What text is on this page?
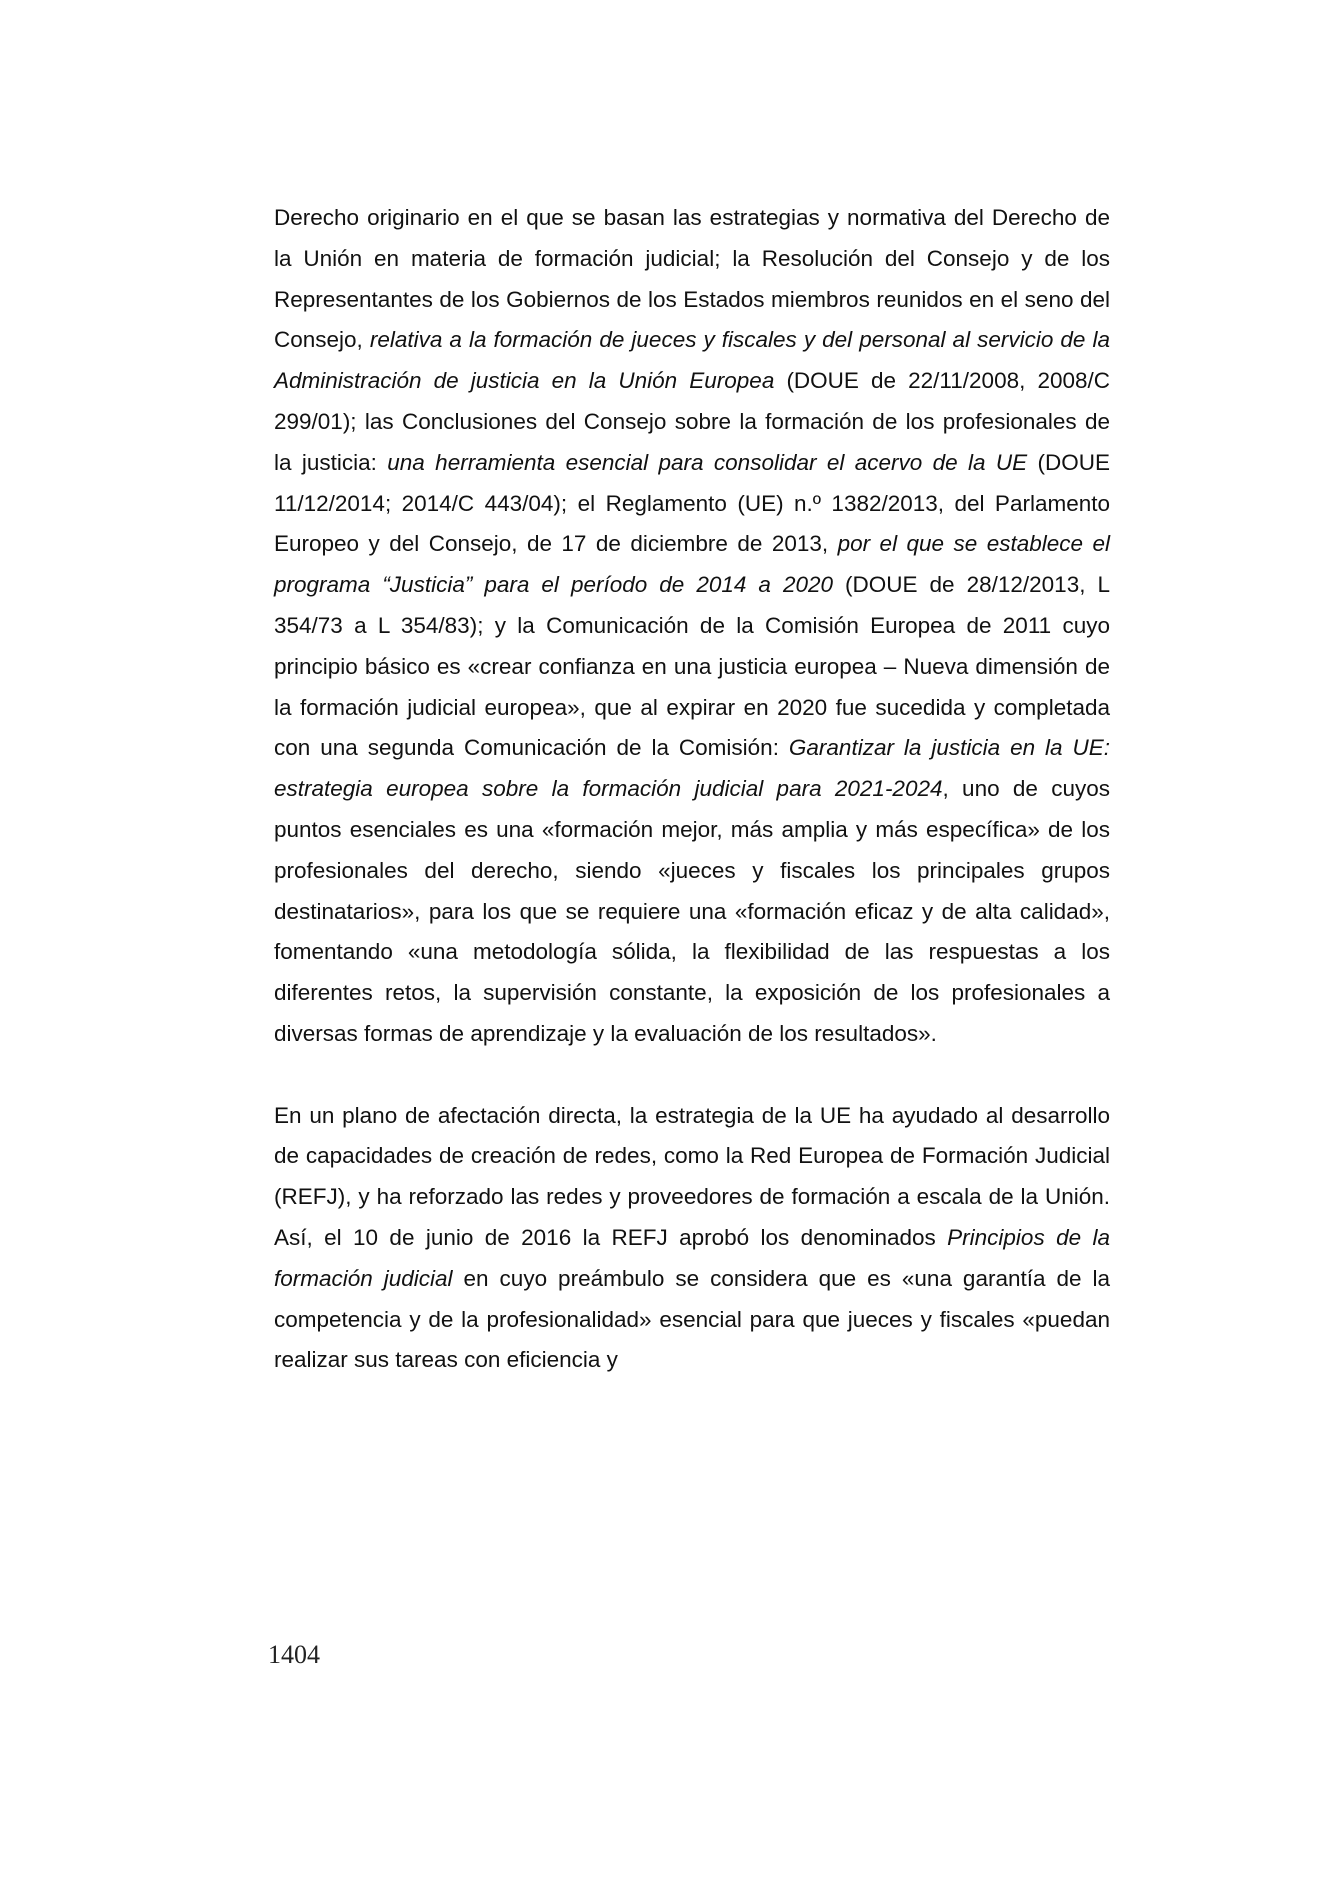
Derecho originario en el que se basan las estrategias y normativa del Derecho de la Unión en materia de formación judicial; la Resolución del Consejo y de los Representantes de los Gobiernos de los Estados miembros reunidos en el seno del Consejo, relativa a la formación de jueces y fiscales y del personal al servicio de la Administración de justicia en la Unión Europea (DOUE de 22/11/2008, 2008/C 299/01); las Conclusiones del Consejo sobre la formación de los profesionales de la justicia: una herramienta esencial para consolidar el acervo de la UE (DOUE 11/12/2014; 2014/C 443/04); el Reglamento (UE) n.º 1382/2013, del Parlamento Europeo y del Consejo, de 17 de diciembre de 2013, por el que se establece el programa “Justicia” para el período de 2014 a 2020 (DOUE de 28/12/2013, L 354/73 a L 354/83); y la Comunicación de la Comisión Europea de 2011 cuyo principio básico es «crear confianza en una justicia europea – Nueva dimensión de la formación judicial europea», que al expirar en 2020 fue sucedida y completada con una segunda Comunicación de la Comisión: Garantizar la justicia en la UE: estrategia europea sobre la formación judicial para 2021-2024, uno de cuyos puntos esenciales es una «formación mejor, más amplia y más específica» de los profesionales del derecho, siendo «jueces y fiscales los principales grupos destinatarios», para los que se requiere una «formación eficaz y de alta calidad», fomentando «una metodología sólida, la flexibilidad de las respuestas a los diferentes retos, la supervisión constante, la exposición de los profesionales a diversas formas de aprendizaje y la evaluación de los resultados».

En un plano de afectación directa, la estrategia de la UE ha ayudado al desarrollo de capacidades de creación de redes, como la Red Europea de Formación Judicial (REFJ), y ha reforzado las redes y proveedores de formación a escala de la Unión. Así, el 10 de junio de 2016 la REFJ aprobó los denominados Principios de la formación judicial en cuyo preámbulo se considera que es «una garantía de la competencia y de la profesionalidad» esencial para que jueces y fiscales «puedan realizar sus tareas con eficiencia y

1404
